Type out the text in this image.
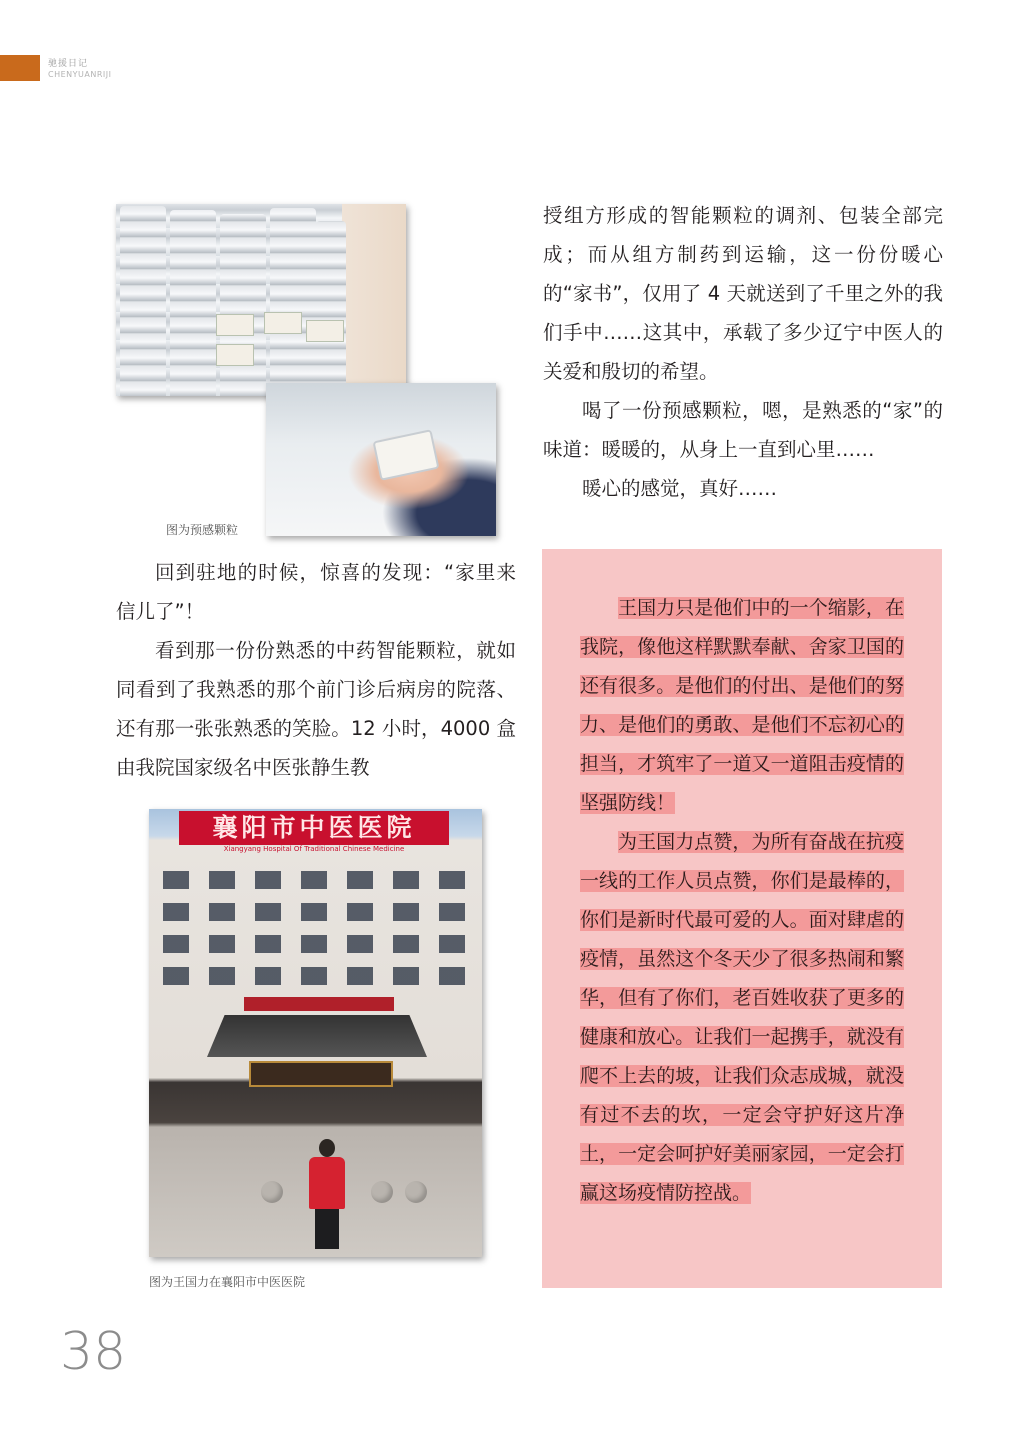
驰援日记
CHENYUANRIJI
图为预感颗粒

授组方形成的智能颗粒的调剂、包装全部完成；而从组方制药到运输，这一份份暖心的“家书”，仅用了 4 天就送到了千里之外的我们手中……这其中，承载了多少辽宁中医人的关爱和殷切的希望。

喝了一份预感颗粒，嗯，是熟悉的“家”的味道：暖暖的，从身上一直到心里……

暖心的感觉，真好……

回到驻地的时候，惊喜的发现：“家里来信儿了”！

看到那一份份熟悉的中药智能颗粒，就如同看到了我熟悉的那个前门诊后病房的院落、还有那一张张熟悉的笑脸。12 小时，4000 盒由我院国家级名中医张静生教

襄阳市中医医院
Xiangyang Hospital Of Traditional Chinese Medicine
图为王国力在襄阳市中医医院

王国力只是他们中的一个缩影，在我院，像他这样默默奉献、舍家卫国的还有很多。是他们的付出、是他们的努力、是他们的勇敢、是他们不忘初心的担当，才筑牢了一道又一道阻击疫情的坚强防线！

为王国力点赞，为所有奋战在抗疫一线的工作人员点赞，你们是最棒的，你们是新时代最可爱的人。面对肆虐的疫情，虽然这个冬天少了很多热闹和繁华，但有了你们，老百姓收获了更多的健康和放心。让我们一起携手，就没有爬不上去的坡，让我们众志成城，就没有过不去的坎，一定会守护好这片净土，一定会呵护好美丽家园，一定会打赢这场疫情防控战。

38
